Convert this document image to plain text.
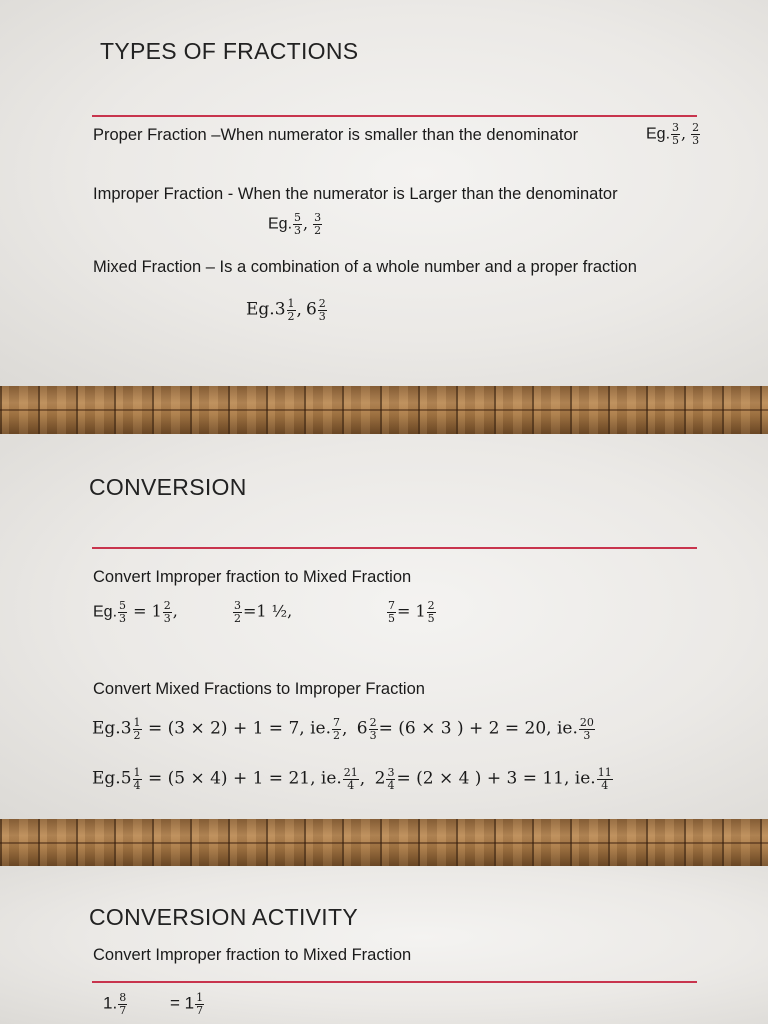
TYPES OF FRACTIONS
Proper Fraction –When numerator is smaller than the denominator	Eg. $\frac{3}{5}$ , $\frac{2}{3}$
Improper Fraction - When the numerator is Larger than the denominator
Eg. $\frac{5}{3}$ , $\frac{3}{2}$
Mixed Fraction – Is a combination of a whole number and a proper fraction
$Eg.3 \frac{1}{2}$ , $6 \frac{2}{3}$
CONVERSION
Convert Improper fraction to Mixed Fraction
Eg. $\frac{5}{3} = 1 \frac{2}{3}$ ,	$\frac{3}{2} =1$ ½,	$\frac{7}{5} = 1 \frac{2}{5}$
Convert Mixed Fractions to Improper Fraction
$Eg.3 \frac{1}{2} = (3 \times 2) + 1 = 7$, ie. $\frac{7}{2}$ , $6 \frac{2}{3} = (6 \times 3$ ) + 2 = 20, ie. $\frac{20}{3}$
$Eg.5 \frac{1}{4} = (5 \times 4) + 1 = 21$, ie. $\frac{21}{4}$ , $2 \frac{3}{4} = (2 \times 4$ ) + 3 = 11, ie. $\frac{11}{4}$
CONVERSION ACTIVITY
Convert Improper fraction to Mixed Fraction
1. $\frac{8}{7}$	= $1 \frac{1}{7}$
